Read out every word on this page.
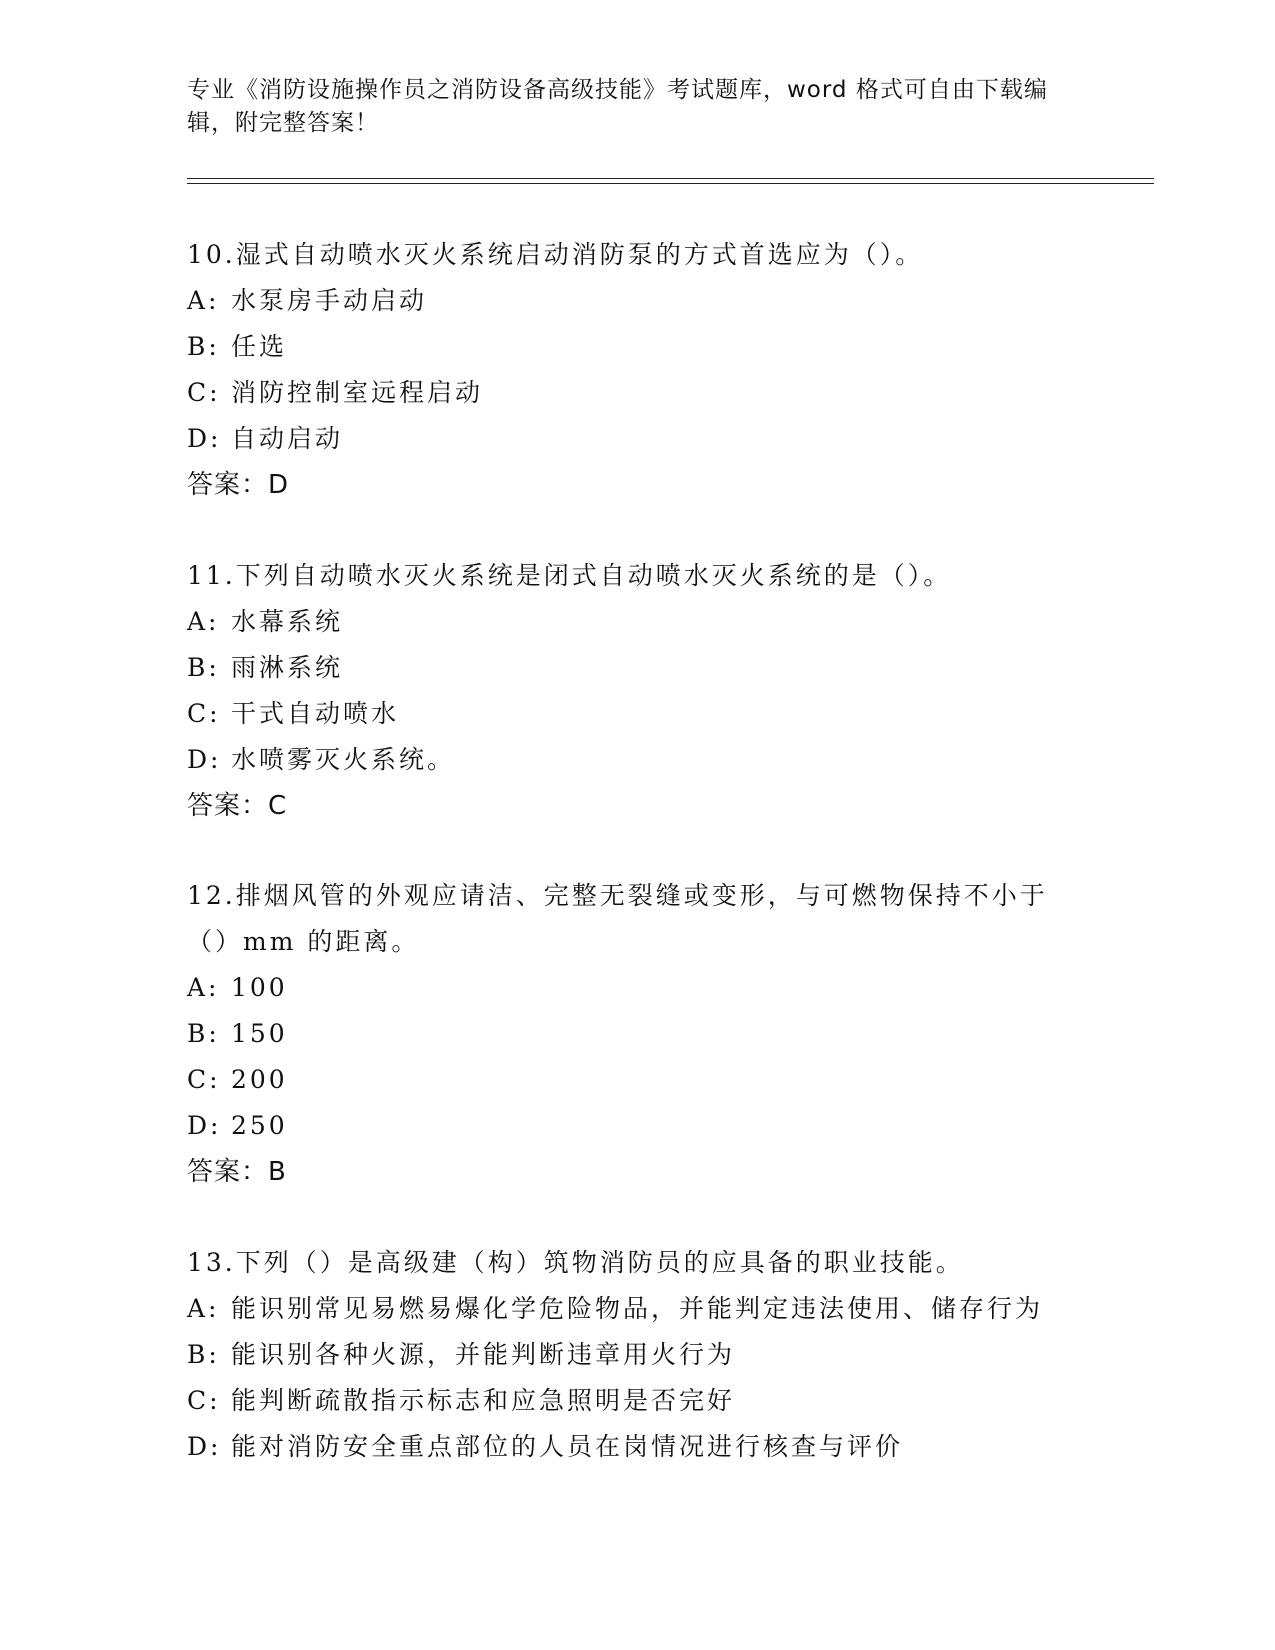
专业《消防设施操作员之消防设备高级技能》考试题库，word 格式可自由下载编辑，附完整答案！

10.湿式自动喷水灭火系统启动消防泵的方式首选应为（）。

A: 水泵房手动启动
B: 任选
C: 消防控制室远程启动
D: 自动启动

答案：D

11.下列自动喷水灭火系统是闭式自动喷水灭火系统的是（）。

A: 水幕系统
B: 雨淋系统
C: 干式自动喷水
D: 水喷雾灭火系统。

答案：C

12.排烟风管的外观应请洁、完整无裂缝或变形，与可燃物保持不小于（）mm 的距离。

A: 100
B: 150
C: 200
D: 250

答案：B

13.下列（）是高级建（构）筑物消防员的应具备的职业技能。

A: 能识别常见易燃易爆化学危险物品，并能判定违法使用、储存行为
B: 能识别各种火源，并能判断违章用火行为
C: 能判断疏散指示标志和应急照明是否完好
D: 能对消防安全重点部位的人员在岗情况进行核查与评价
